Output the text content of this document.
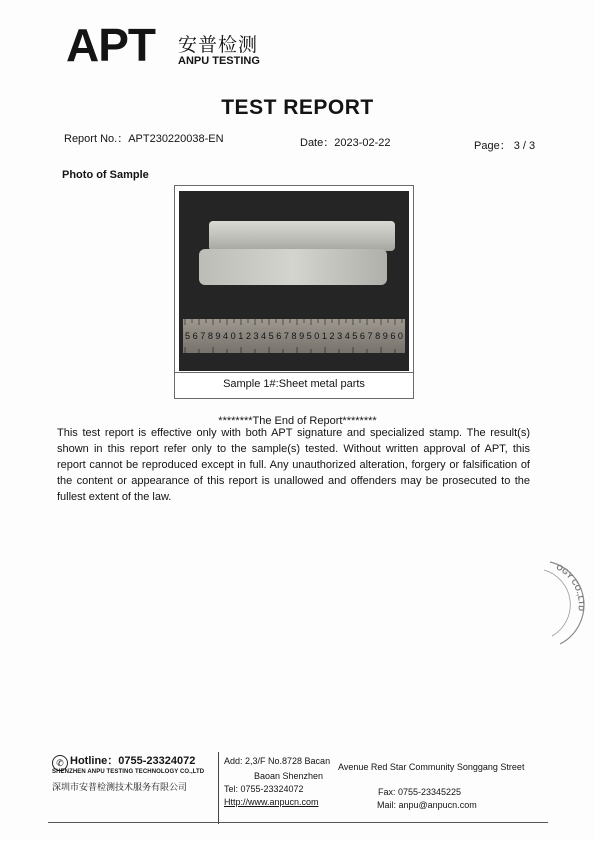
APT 安普检测
ANPU TESTING
TEST REPORT
Report No.：APT230220038-EN	Date：2023-02-22	Page： 3 / 3
Photo of Sample
5 6 7 8 9 4 0 1 2 3 4 5 6 7 8 9 5 0 1 2 3 4 5 6 7 8 9 6 0
Sample 1#:Sheet metal parts
********The End of Report********
This test report is effective only with both APT signature and specialized stamp. The result(s) shown in this report refer only to the sample(s) tested. Without written approval of APT, this report cannot be reproduced except in full. Any unauthorized alteration, forgery or falsification of the content or appearance of this report is unallowed and offenders may be prosecuted to the fullest extent of the law.
OGY CO.,LTD
✆ Hotline：0755-23324072
SHENZHEN ANPU TESTING TECHNOLOGY CO.,LTD
深圳市安普检测技术服务有限公司
Add: 2,3/F No.8728 Bacan
Avenue Red Star Community Songgang Street
Baoan Shenzhen
Tel: 0755-23324072	Fax: 0755-23345225
Http://www.anpucn.com	Mail: anpu@anpucn.com
